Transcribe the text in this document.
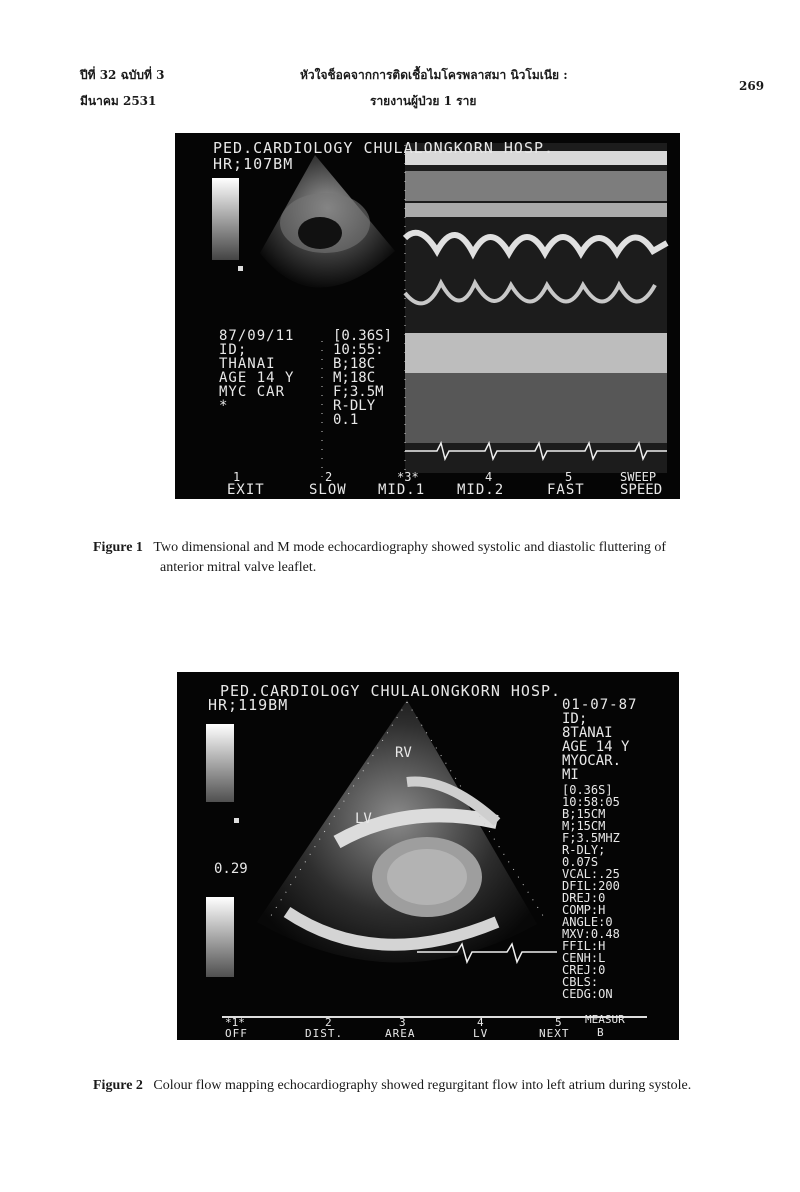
ปีที่ 32 ฉบับที่ 3
มีนาคม 2531
หัวใจช็อคจากการติดเชื้อไมโครพลาสมา นิวโมเนีย :
รายงานผู้ป่วย 1 ราย
269
PED.CARDIOLOGY CHULALONGKORN HOSP.
HR;107BM
87/09/11
ID;
THANAI
AGE 14 Y
MYC CAR
*
[0.36S]
10:55:
B;18C
M;18C
F;3.5M
R-DLY
0.1
1
EXIT
2
SLOW
*3*
MID.1
4
MID.2
5
FAST
SWEEP
SPEED
Figure 1 Two dimensional and M mode echocardiography showed systolic and diastolic fluttering of
anterior mitral valve leaflet.
PED.CARDIOLOGY CHULALONGKORN HOSP.
HR;119BM
RV
LV
0.29
01-07-87
ID;
8TANAI
AGE 14 Y
MYOCAR.
MI
[0.36S]
10:58:05
B;15CM
M;15CM
F;3.5MHZ
R-DLY;
0.07S
VCAL:.25
DFIL:200
DREJ:0
COMP:H
ANGLE:0
MXV:0.48
FFIL:H
CENH:L
CREJ:0
CBLS:
CEDG:ON
*1*
OFF
2
DIST.
3
AREA
4
LV
5
NEXT
MEASUR
B
Figure 2 Colour flow mapping echocardiography showed regurgitant flow into left atrium during systole.
